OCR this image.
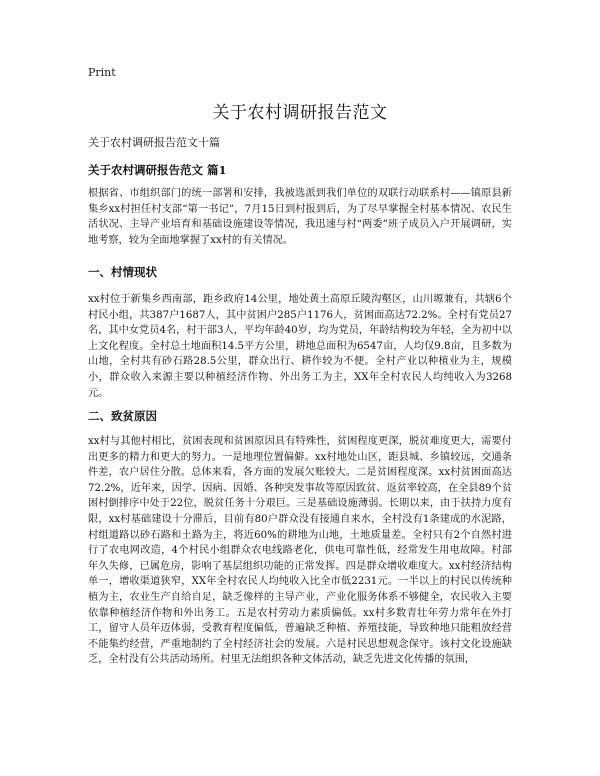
Print
关于农村调研报告范文
关于农村调研报告范文十篇
关于农村调研报告范文 篇1

根据省、市组织部门的统一部署和安排，我被选派到我们单位的双联行动联系村——镇原县新集乡xx村担任村支部“第一书记”，7月15日到村报到后，为了尽早掌握全村基本情况、农民生活状况、主导产业培育和基础设施建设等情况，我迅速与村“两委”班子成员入户开展调研，实地考察，较为全面地掌握了xx村的有关情况。

一、村情现状

xx村位于新集乡西南部，距乡政府14公里，地处黄土高原丘陵沟壑区，山川塬兼有，共辖6个村民小组，共387户1687人，其中贫困户285户1176人，贫困面高达72.2%。全村有党员27名，其中女党员4名，村干部3人，平均年龄40岁，均为党员，年龄结构较为年轻，全为初中以上文化程度。全村总土地面积14.5平方公里，耕地总面积为6547亩，人均仅9.8亩，且多数为山地，全村共有砂石路28.5公里，群众出行、耕作较为不便。全村产业以种植业为主，规模小，群众收入来源主要以种植经济作物、外出务工为主，XX年全村农民人均纯收入为3268元。

二、致贫原因

xx村与其他村相比，贫困表现和贫困原因具有特殊性，贫困程度更深，脱贫难度更大，需要付出更多的精力和更大的努力。一是地理位置偏僻。xx村地处山区，距县城、乡镇较远，交通条件差，农户居住分散。总体来看，各方面的发展欠账较大。二是贫困程度深。xx村贫困面高达72.2%，近年来，因学、因病、因婚、各种突发事故等原因致贫、返贫率较高，在全县89个贫困村倒排序中处于22位，脱贫任务十分艰巨。三是基础设施薄弱。长期以来，由于扶持力度有限，xx村基础建设十分滞后，目前有80户群众没有接通自来水，全村没有1条建成的水泥路，村组道路以砂石路和土路为主，将近60%的耕地为山地，土地质量差。全村只有2个自然村进行了农电网改造，4个村民小组群众农电线路老化，供电可靠性低，经常发生用电故障。村部年久失修，已属危房，影响了基层组织功能的正常发挥。四是群众增收难度大。xx村经济结构单一，增收渠道狭窄，XX年全村农民人均纯收入比全市低2231元。一半以上的村民以传统种植为主，农业生产自给自足，缺乏像样的主导产业，产业化服务体系不够健全，农民收入主要依靠种植经济作物和外出务工。五是农村劳动力素质偏低。xx村多数青壮年劳力常年在外打工，留守人员年迈体弱，受教育程度偏低，普遍缺乏种植、养殖技能，导致种地只能粗放经营不能集约经营，严重地制约了全村经济社会的发展。六是村民思想观念保守。该村文化设施缺乏，全村没有公共活动场所。村里无法组织各种文体活动，缺乏先进文化传播的氛围，
